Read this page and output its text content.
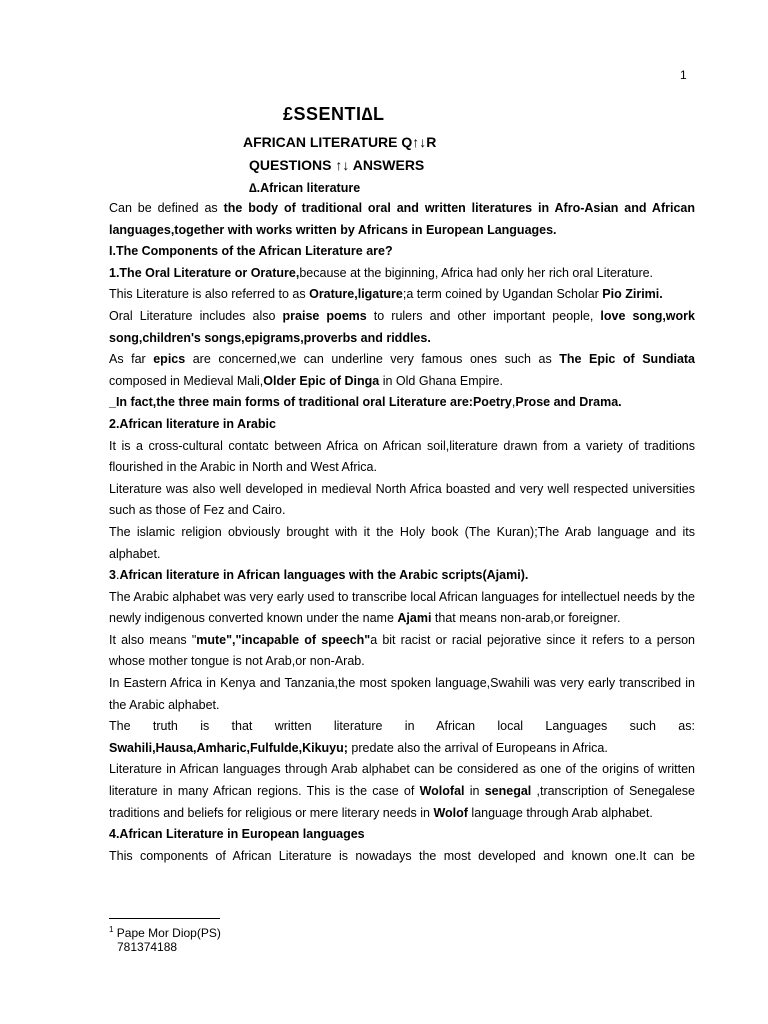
1
£SSENTI∆L
AFRICAN LITERATURE Q↑↓R
QUESTIONS ↑↓ ANSWERS
∆.African literature

Can be defined as the body of traditional oral and written literatures in Afro-Asian and African languages,together with works written by Africans in European Languages.

I.The Components of the African Literature are?

1.The Oral Literature or Orature,because at the biginning, Africa had only her rich oral Literature.

This Literature is also referred to as Orature,ligature;a term coined by Ugandan Scholar Pio Zirimi.

Oral Literature includes also praise poems to rulers and other important people, love song,work song,children's songs,epigrams,proverbs and riddles.

As far epics are concerned,we can underline very famous ones such as The Epic of Sundiata composed in Medieval Mali,Older Epic of Dinga in Old Ghana Empire.

_In fact,the three main forms of traditional oral Literature are:Poetry,Prose and Drama.

2.African literature in Arabic

It is a cross-cultural contatc between Africa on African soil,literature drawn from a variety of traditions flourished in the Arabic in North and West Africa.

Literature was also well developed in medieval North Africa boasted and very well respected universities such as those of Fez and Cairo.

The islamic religion obviously brought with it the Holy book (The Kuran);The Arab language and its alphabet.

3.African literature in African languages with the Arabic scripts(Ajami).

The Arabic alphabet was very early used to transcribe local African languages for intellectuel needs by the newly indigenous converted known under the name Ajami that means non-arab,or foreigner.

It also means "mute","incapable of speech"a bit racist or racial pejorative since it refers to a person whose mother tongue is not Arab,or non-Arab.

In Eastern Africa in Kenya and Tanzania,the most spoken language,Swahili was very early transcribed in the Arabic alphabet.

The truth is that written literature in African local Languages such as: Swahili,Hausa,Amharic,Fulfulde,Kikuyu; predate also the arrival of Europeans in Africa.

Literature in African languages through Arab alphabet can be considered as one of the origins of written literature in many African regions. This is the case of Wolofal in senegal ,transcription of Senegalese traditions and beliefs for religious or mere literary needs in Wolof language through Arab alphabet.

4.African Literature in European languages

This components of African Literature is nowadays the most developed and known one.It can be

$^1$ Pape Mor Diop(PS)
781374188
